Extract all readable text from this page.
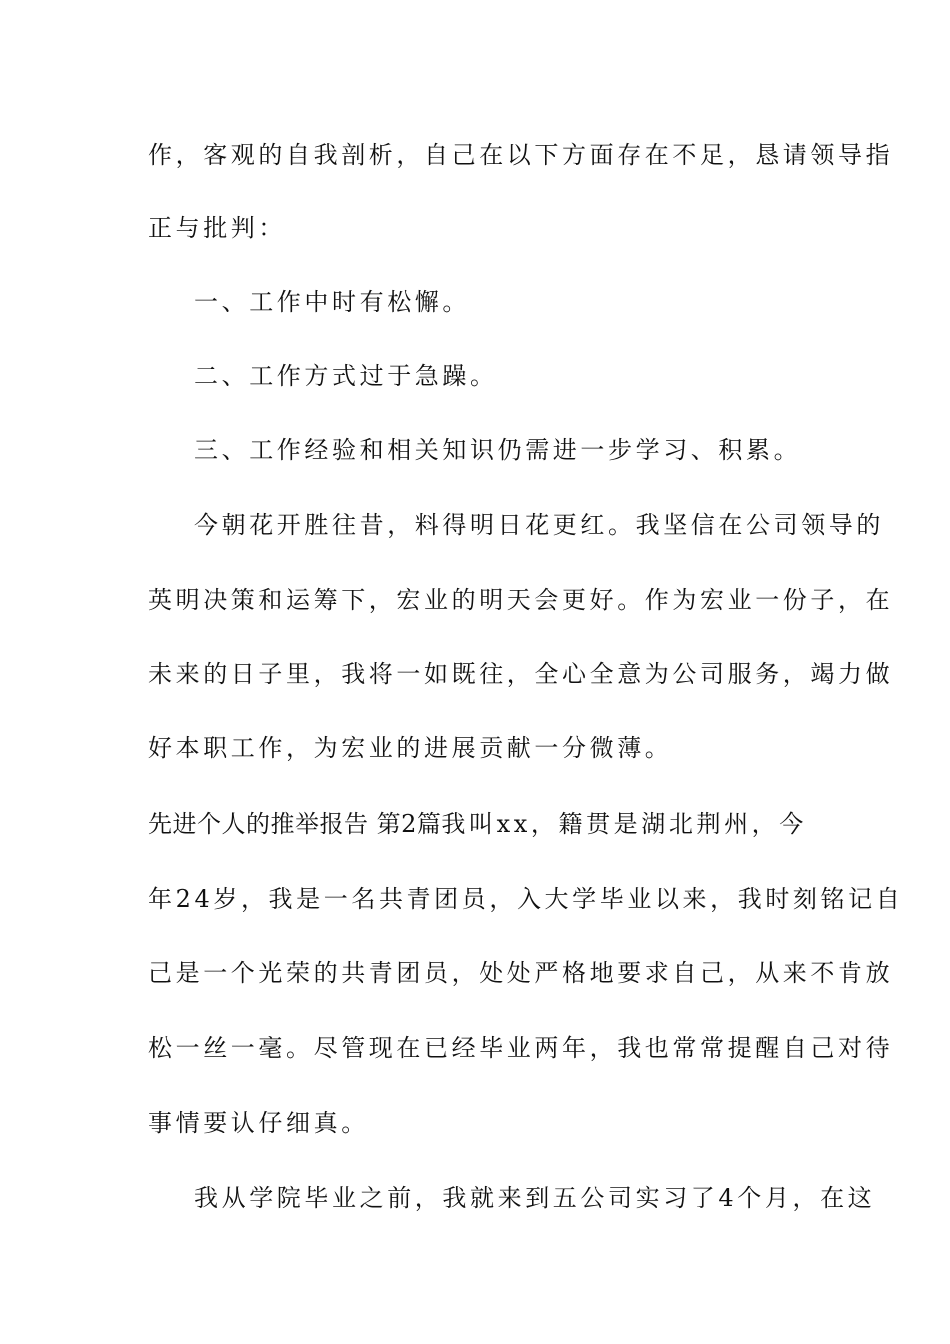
作，客观的自我剖析，自己在以下方面存在不足，恳请领导指
正与批判：
一、工作中时有松懈。
二、工作方式过于急躁。
三、工作经验和相关知识仍需进一步学习、积累。
今朝花开胜往昔，料得明日花更红。我坚信在公司领导的
英明决策和运筹下，宏业的明天会更好。作为宏业一份子，在
未来的日子里，我将一如既往，全心全意为公司服务，竭力做
好本职工作，为宏业的进展贡献一分微薄。
先进个人的推举报告 第2篇 我叫xx，籍贯是湖北荆州，今
年24岁，我是一名共青团员，入大学毕业以来，我时刻铭记自
己是一个光荣的共青团员，处处严格地要求自己，从来不肯放
松一丝一毫。尽管现在已经毕业两年，我也常常提醒自己对待
事情要认仔细真。
我从学院毕业之前，我就来到五公司实习了4个月，在这
